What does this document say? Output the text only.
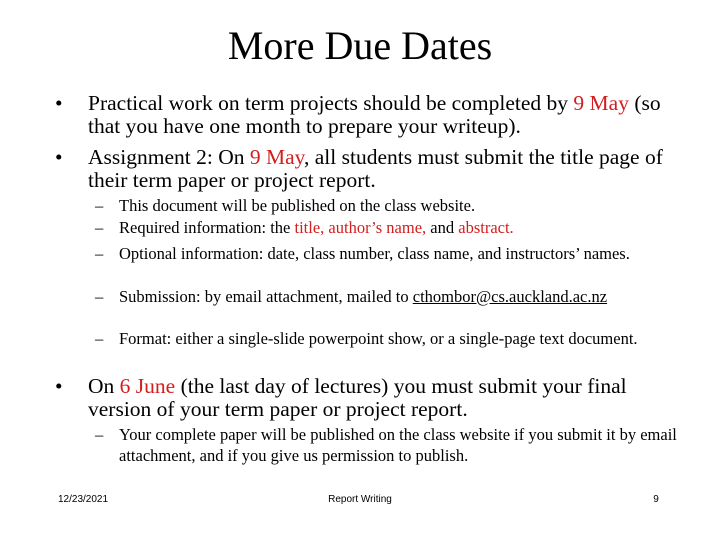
More Due Dates
•	Practical work on term projects should be completed by 9 May (so that you have one month to prepare your writeup).
•	Assignment 2: On 9 May, all students must submit the title page of their term paper or project report.
– This document will be published on the class website.
– Required information: the title, author’s name, and abstract.
– Optional information: date, class number, class name, and instructors’ names.
– Submission: by email attachment, mailed to cthombor@cs.auckland.ac.nz
– Format: either a single-slide powerpoint show, or a single-page text document.
•	On 6 June (the last day of lectures) you must submit your final version of your term paper or project report.
– Your complete paper will be published on the class website if you submit it by email attachment, and if you give us permission to publish.
12/23/2021	Report Writing	9
